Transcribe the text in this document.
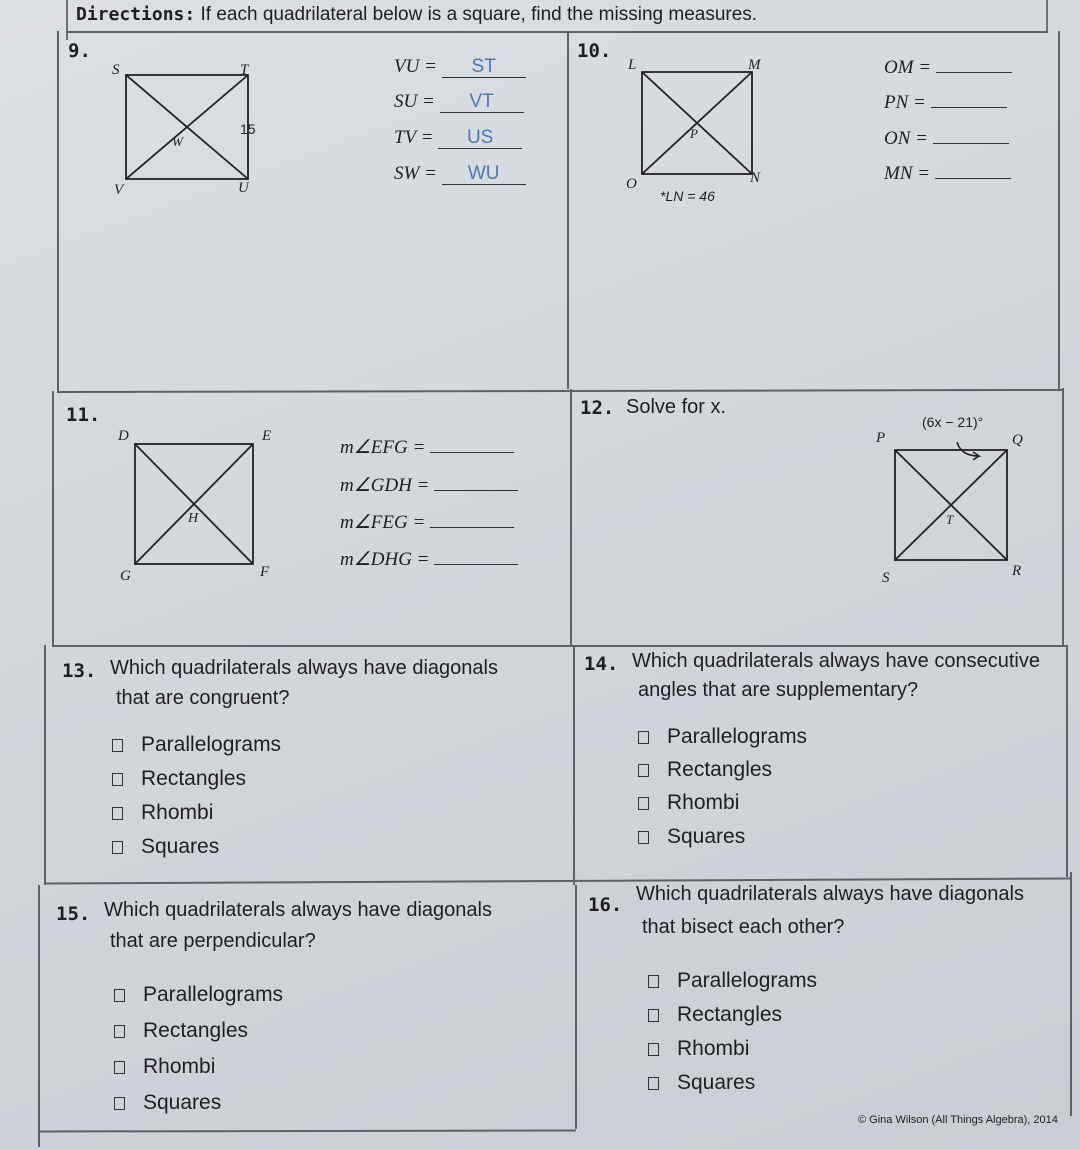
Directions: If each quadrilateral below is a square, find the missing measures.
9.
S	T
V	U
W
15
VU = ST
SU = VT
TV = US
SW = WU
10.
L	M
O	N
P
*LN = 46
OM =
PN =
ON =
MN =
11.
D	E
G	F
H
m∠EFG =
m∠GDH =
m∠FEG =
m∠DHG =
12. Solve for x.
(6x − 21)°
P	Q
S	R
T
13. Which quadrilaterals always have diagonals
that are congruent?
Parallelograms
Rectangles
Rhombi
Squares
14. Which quadrilaterals always have consecutive
angles that are supplementary?
Parallelograms
Rectangles
Rhombi
Squares
15. Which quadrilaterals always have diagonals
that are perpendicular?
Parallelograms
Rectangles
Rhombi
Squares
16. Which quadrilaterals always have diagonals
that bisect each other?
Parallelograms
Rectangles
Rhombi
Squares
© Gina Wilson (All Things Algebra), 2014
